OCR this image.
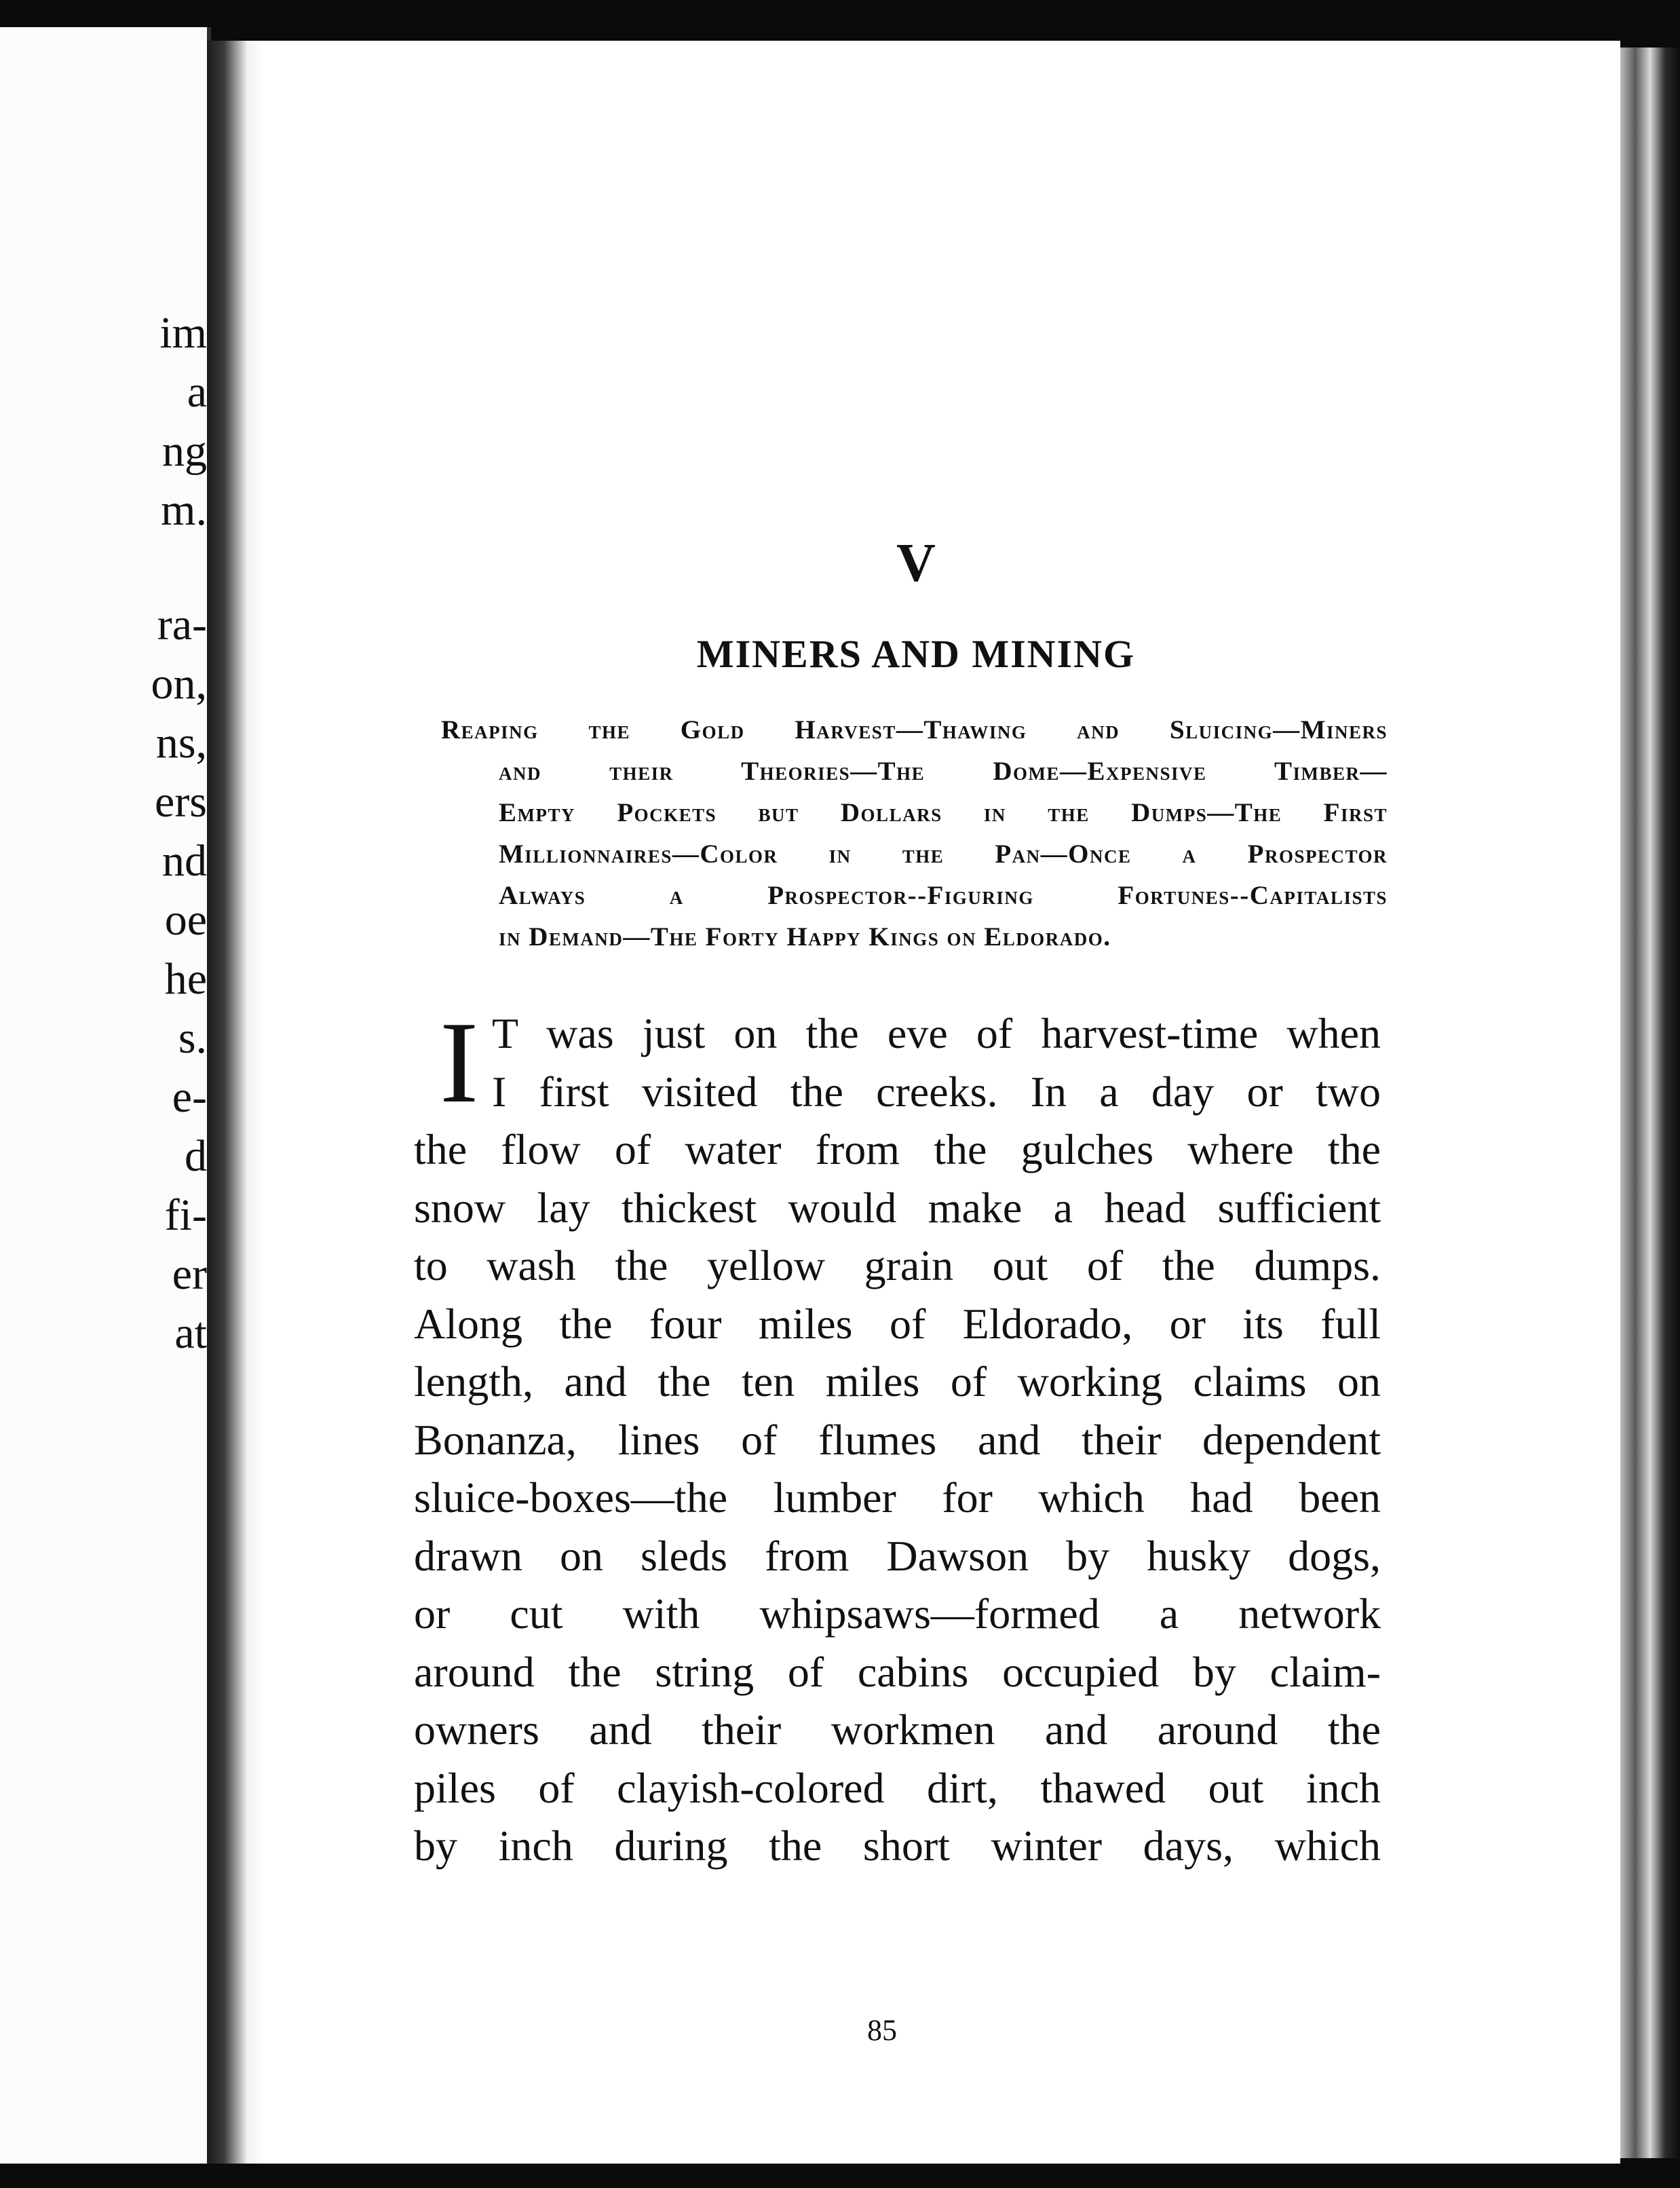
im
a
ng
m.
ra-
on,
ns,
ers
nd
oe
he
s.
e-
d
fi-
er
at
V
MINERS AND MINING
Reaping the Gold Harvest—Thawing and Sluicing—Miners
and their Theories—The Dome—Expensive Timber—
Empty Pockets but Dollars in the Dumps—The First
Millionnaires—Color in the Pan—Once a Prospector
Always a Prospector--Figuring Fortunes--Capitalists
in Demand—The Forty Happy Kings on Eldorado.
I T was just on the eve of harvest-time when
I first visited the creeks. In a day or two
the flow of water from the gulches where the
snow lay thickest would make a head sufficient
to wash the yellow grain out of the dumps.
Along the four miles of Eldorado, or its full
length, and the ten miles of working claims on
Bonanza, lines of flumes and their dependent
sluice-boxes—the lumber for which had been
drawn on sleds from Dawson by husky dogs,
or cut with whipsaws—formed a network
around the string of cabins occupied by claim-
owners and their workmen and around the
piles of clayish-colored dirt, thawed out inch
by inch during the short winter days, which
85
